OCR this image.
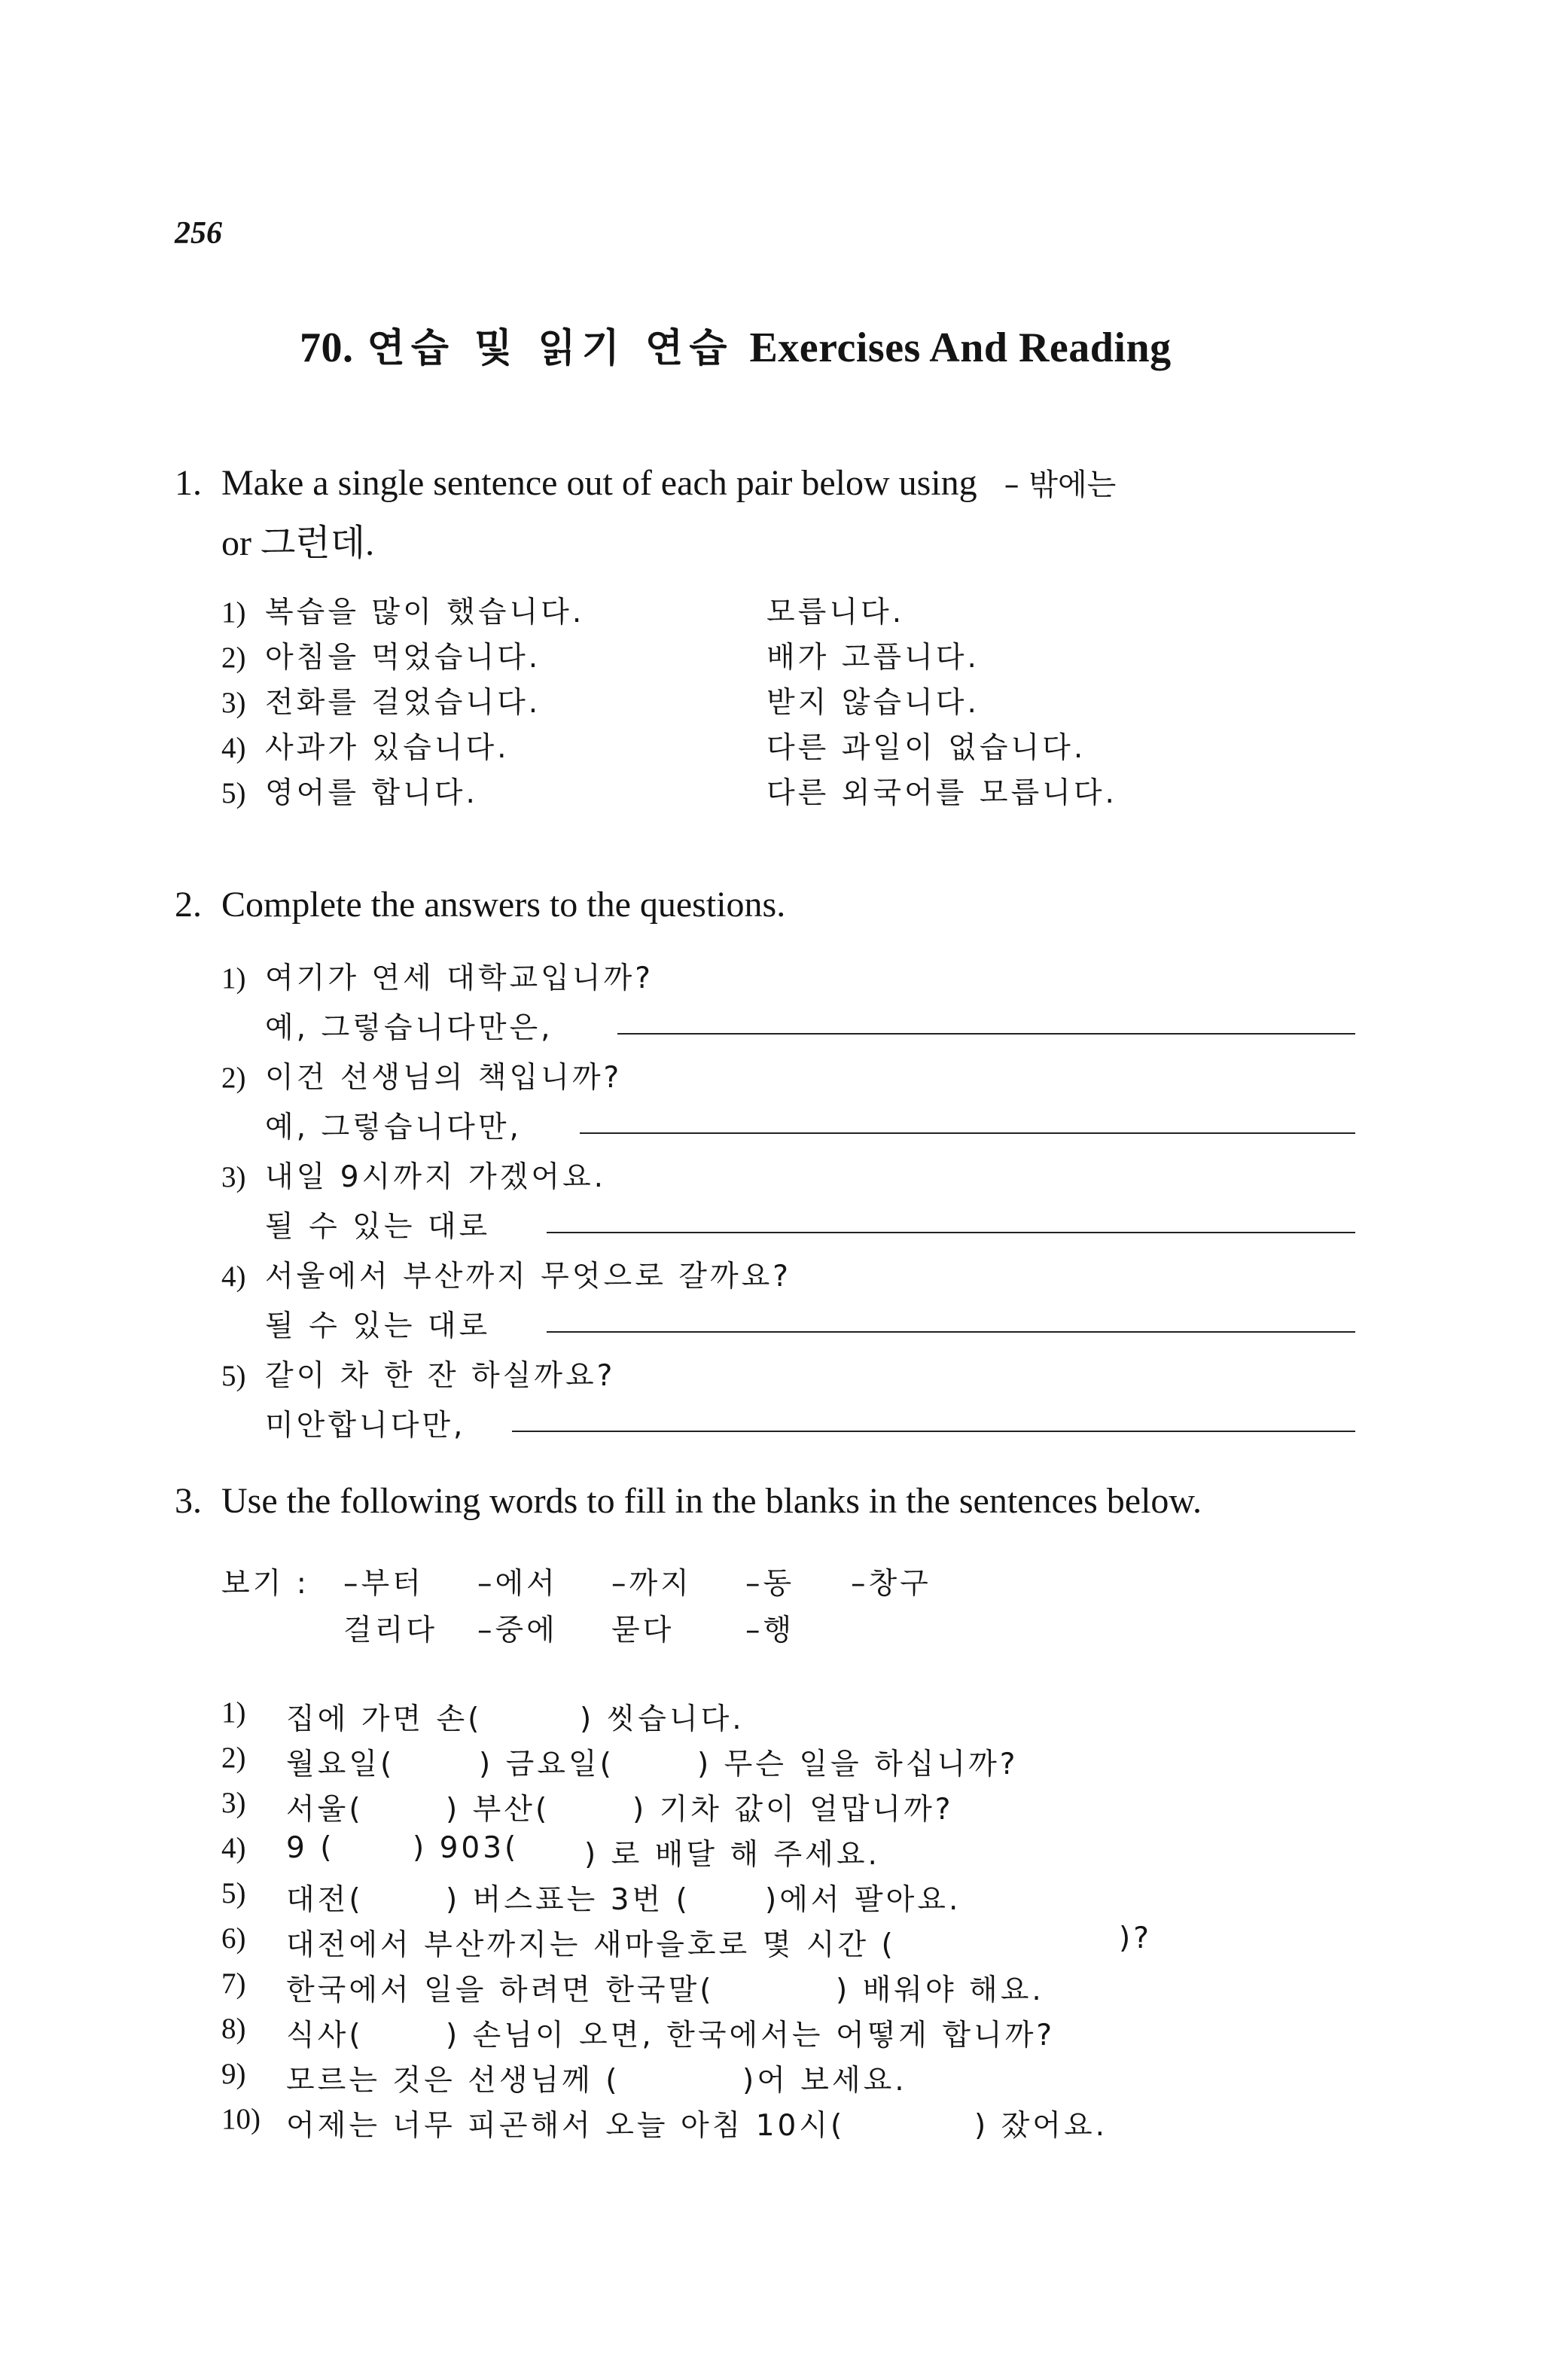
256
70. 연습 및 읽기 연습 Exercises And Reading
1. Make a single sentence out of each pair below using – 밖에는
or 그런데.
1) 복습을 많이 했습니다.	모릅니다.
2) 아침을 먹었습니다.	배가 고픕니다.
3) 전화를 걸었습니다.	받지 않습니다.
4) 사과가 있습니다.	다른 과일이 없습니다.
5) 영어를 합니다.	다른 외국어를 모릅니다.
2. Complete the answers to the questions.
1) 여기가 연세 대학교입니까?
예, 그렇습니다만은,
2) 이건 선생님의 책입니까?
예, 그렇습니다만,
3) 내일 9시까지 가겠어요.
될 수 있는 대로
4) 서울에서 부산까지 무엇으로 갈까요?
될 수 있는 대로
5) 같이 차 한 잔 하실까요?
미안합니다만,
3. Use the following words to fill in the blanks in the sentences below.
보기 : –부터 –에서 –까지 –동 –창구
걸리다 –중에 묻다 –행
1)	집에 가면 손(	) 씻습니다.
2)	월요일(	) 금요일(	) 무슨 일을 하십니까?
3)	서울(	) 부산(	) 기차 값이 얼맙니까?
4)	9 (	) 903( ) 로 배달 해 주세요.
5)	대전(	) 버스표는 3번 (	)에서 팔아요.
6)	대전에서 부산까지는 새마을호로 몇 시간 (	)?
7)	한국에서 일을 하려면 한국말(	) 배워야 해요.
8)	식사(	) 손님이 오면, 한국에서는 어떻게 합니까?
9)	모르는 것은 선생님께 (	)어 보세요.
10) 어제는 너무 피곤해서 오늘 아침 10시(	) 잤어요.
